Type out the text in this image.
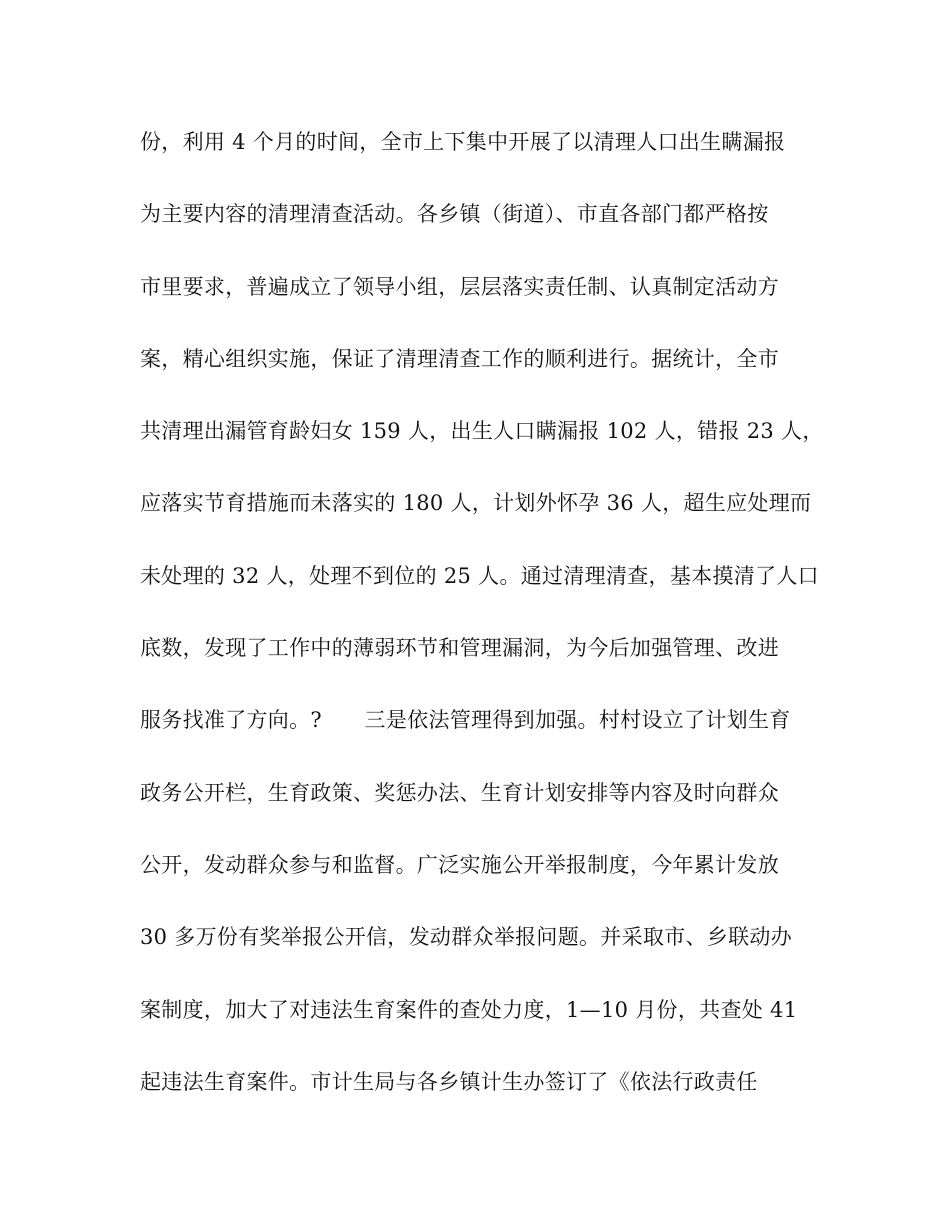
份，利用 4 个月的时间，全市上下集中开展了以清理人口出生瞒漏报
为主要内容的清理清查活动。各乡镇（街道）、市直各部门都严格按
市里要求，普遍成立了领导小组，层层落实责任制、认真制定活动方
案，精心组织实施，保证了清理清查工作的顺利进行。据统计，全市
共清理出漏管育龄妇女 159 人，出生人口瞒漏报 102 人，错报 23 人，
应落实节育措施而未落实的 180 人，计划外怀孕 36 人，超生应处理而
未处理的 32 人，处理不到位的 25 人。通过清理清查，基本摸清了人口
底数，发现了工作中的薄弱环节和管理漏洞，为今后加强管理、改进
服务找准了方向。?　　三是依法管理得到加强。村村设立了计划生育
政务公开栏，生育政策、奖惩办法、生育计划安排等内容及时向群众
公开，发动群众参与和监督。广泛实施公开举报制度，今年累计发放
30 多万份有奖举报公开信，发动群众举报问题。并采取市、乡联动办
案制度，加大了对违法生育案件的查处力度，1—10 月份，共查处 41
起违法生育案件。市计生局与各乡镇计生办签订了《依法行政责任
